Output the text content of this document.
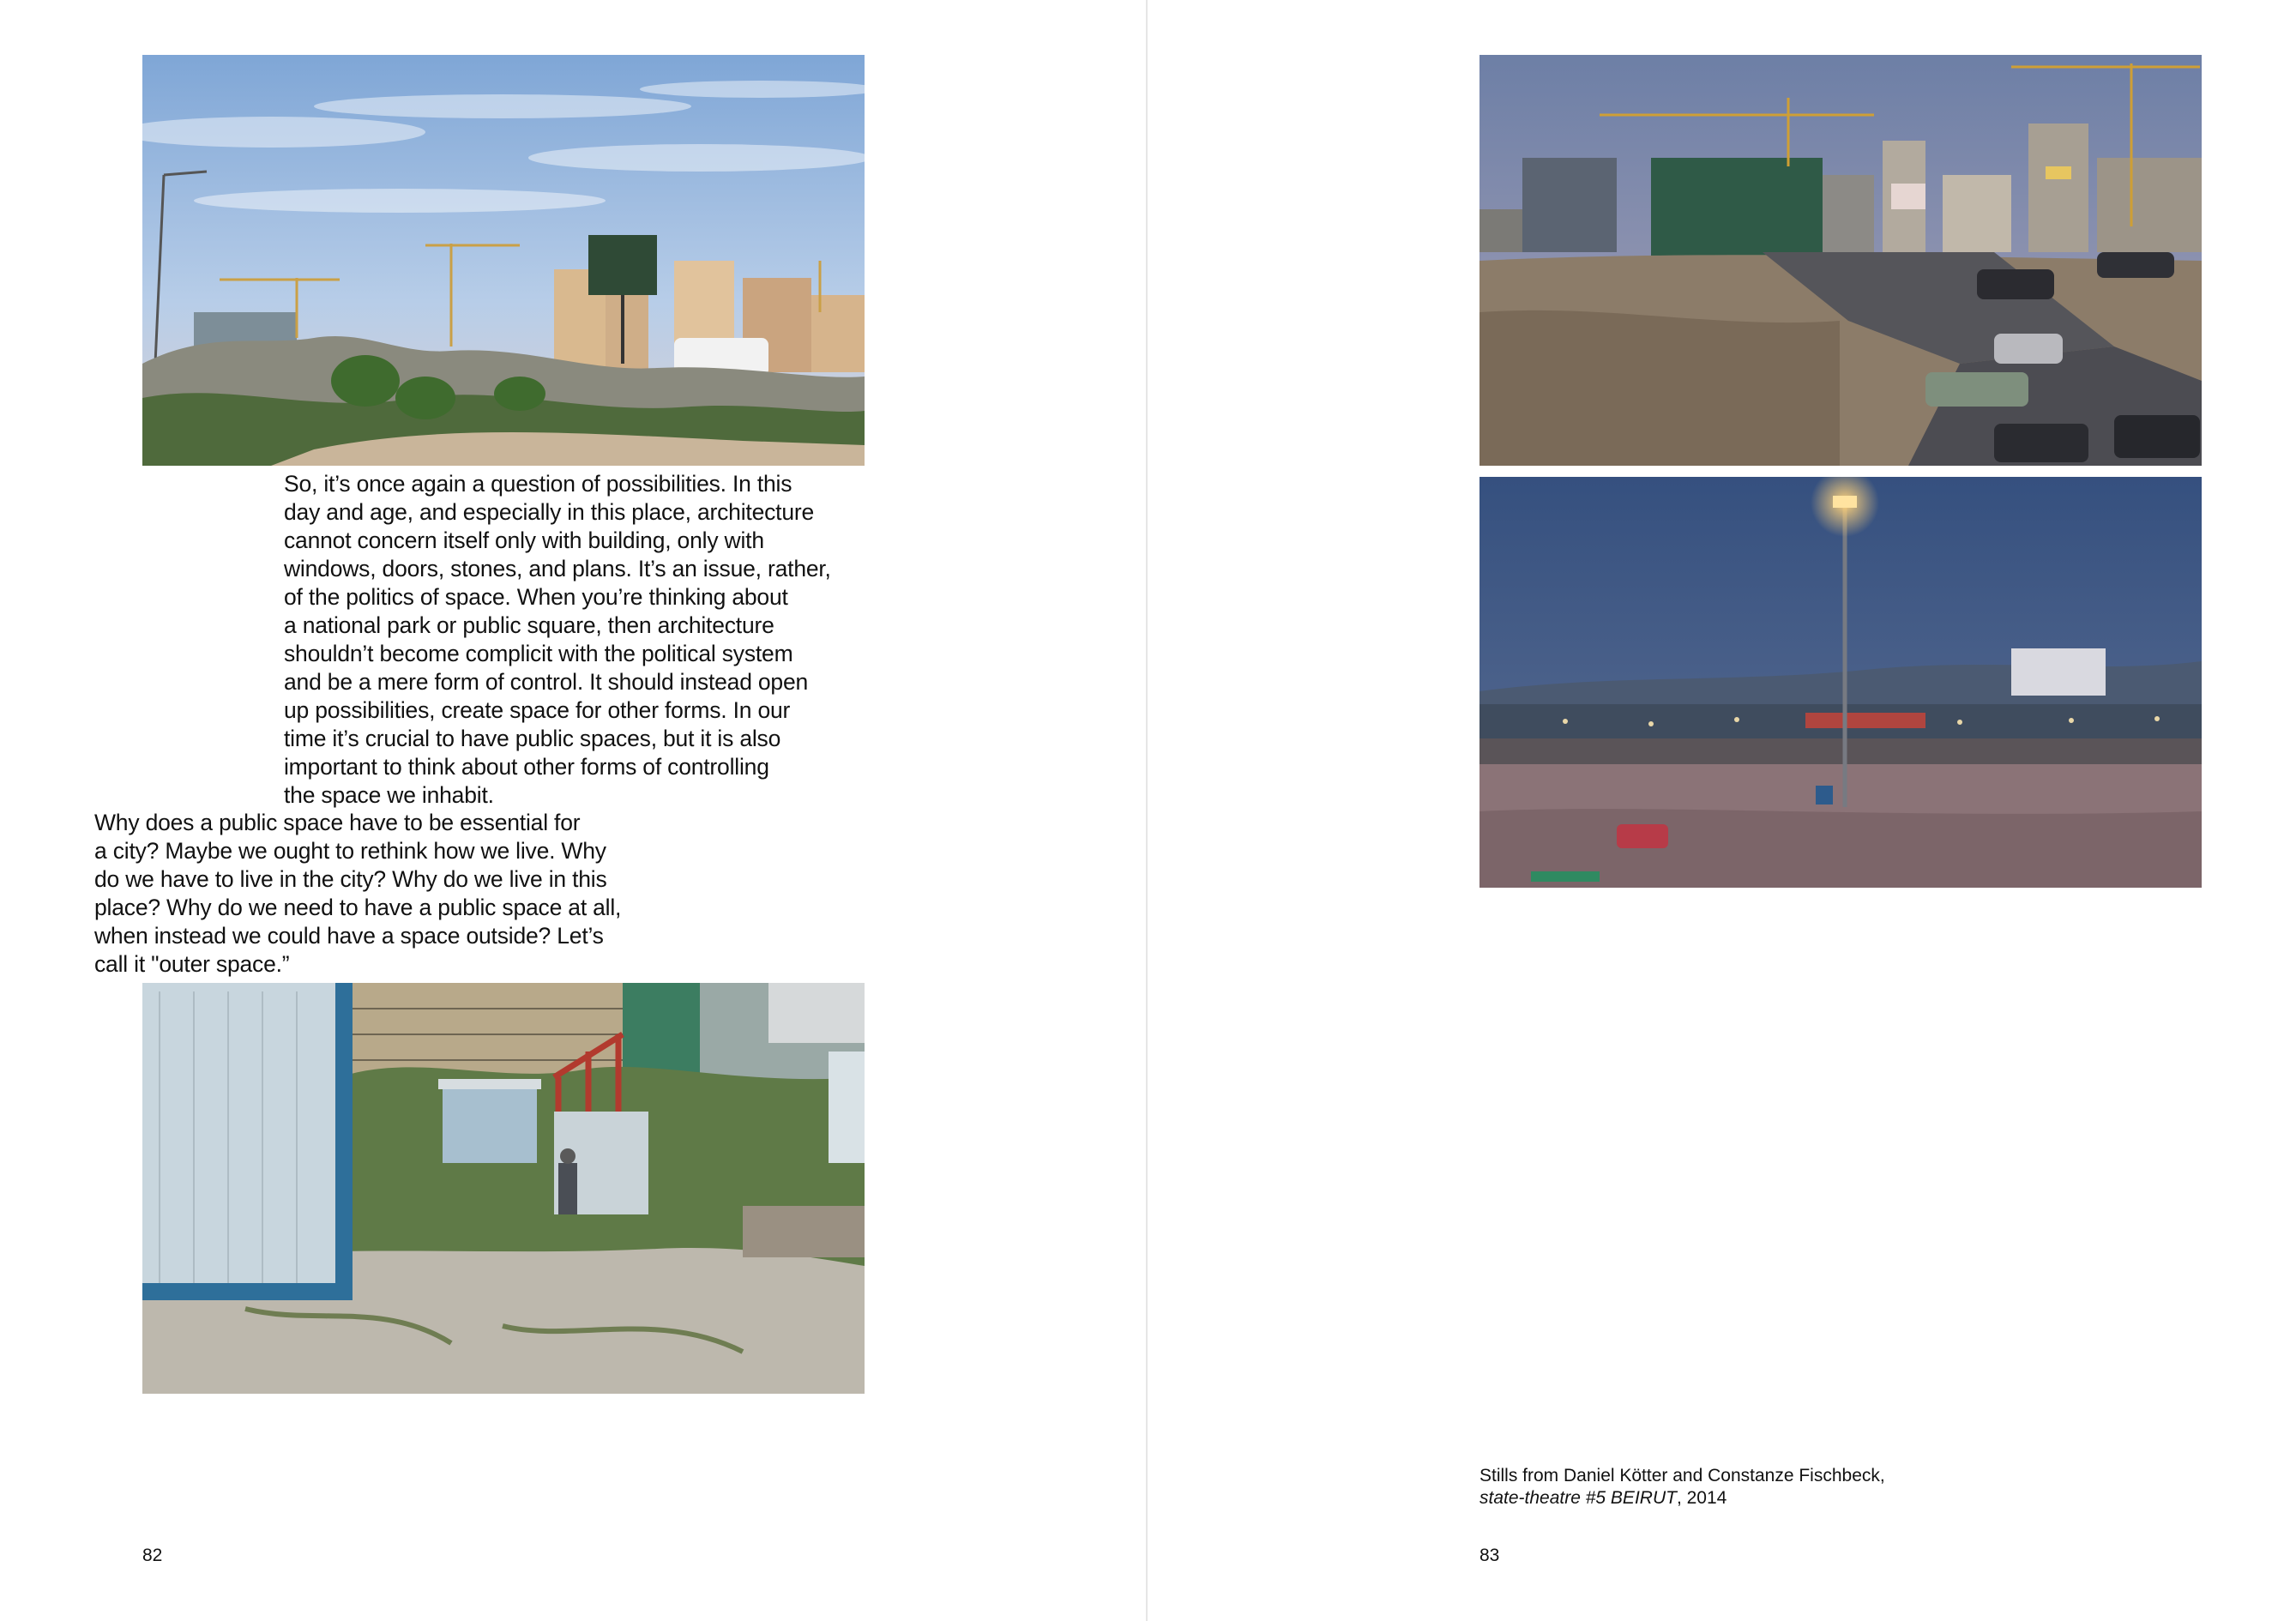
So, it’s once again a question of possibilities. In this
day and age, and especially in this place, architecture
cannot concern itself only with building, only with
windows, doors, stones, and plans. It’s an issue, rather,
of the politics of space. When you’re thinking about
a national park or public square, then architecture
shouldn’t become complicit with the political system
and be a mere form of control. It should instead open
up possibilities, create space for other forms. In our
time it’s crucial to have public spaces, but it is also
important to think about other forms of controlling
the space we inhabit.
Why does a public space have to be essential for
a city? Maybe we ought to rethink how we live. Why
do we have to live in the city? Why do we live in this
place? Why do we need to have a public space at all,
when instead we could have a space outside? Let’s
call it "outer space.”
82
Stills from Daniel Kötter and Constanze Fischbeck,
state-theatre #5 BEIRUT, 2014
83
